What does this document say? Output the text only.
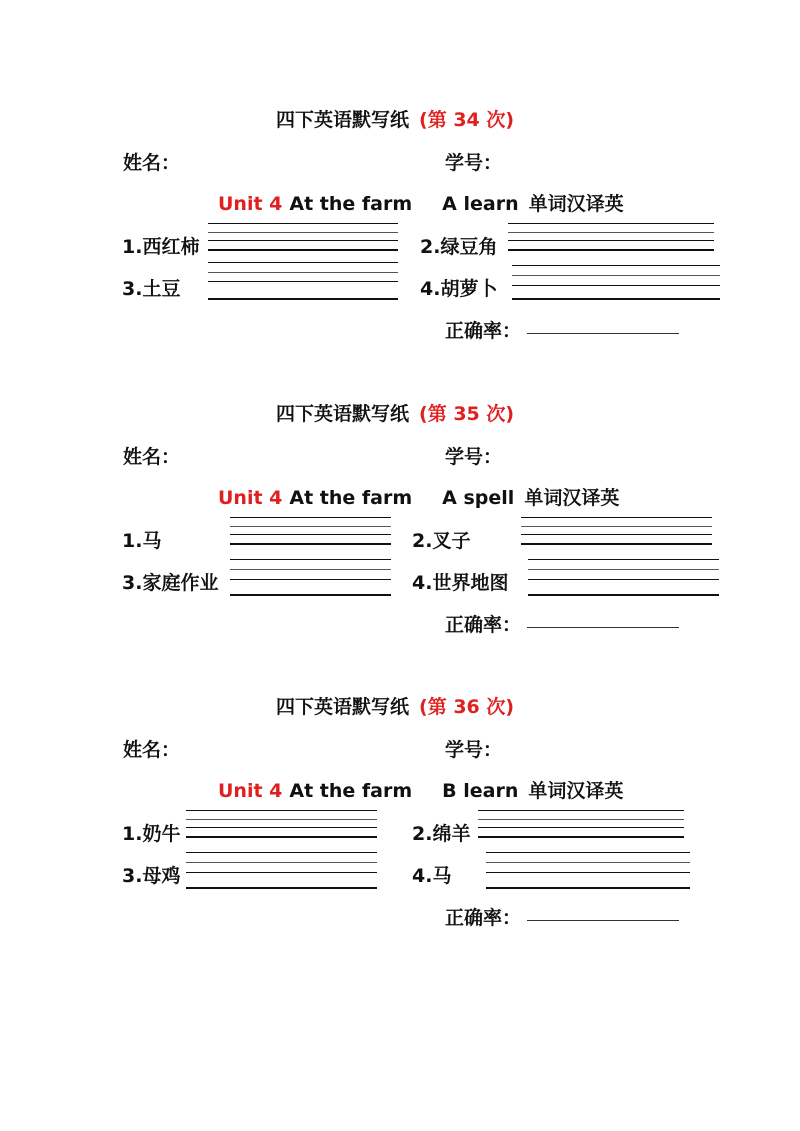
四下英语默写纸 (第 34 次)
姓名：	学号：
Unit 4 At the farm A learn 单词汉译英
1.西红柿	2.绿豆角
3.土豆	4.胡萝卜
正确率：
四下英语默写纸 (第 35 次)
姓名：	学号：
Unit 4 At the farm A spell 单词汉译英
1.马	2.叉子
3.家庭作业	4.世界地图
正确率：
四下英语默写纸 (第 36 次)
姓名：	学号：
Unit 4 At the farm B learn 单词汉译英
1.奶牛	2.绵羊
3.母鸡	4.马
正确率：
